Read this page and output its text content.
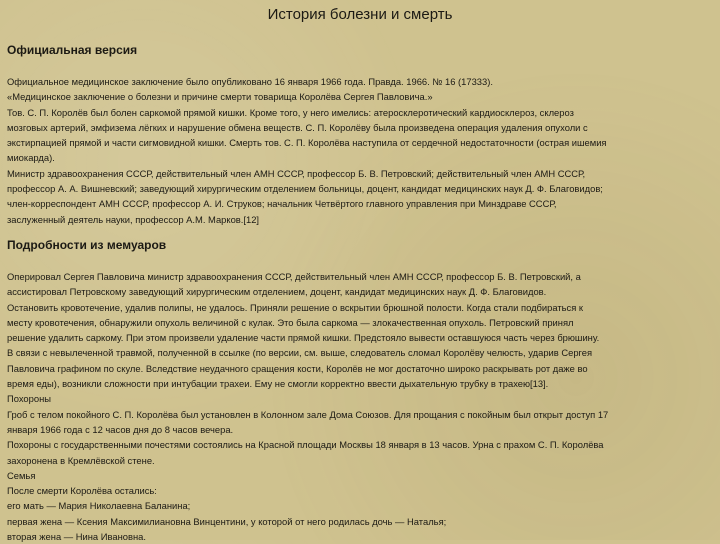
История болезни и смерть
Официальная версия
Официальное медицинское заключение было опубликовано 16 января 1966 года. Правда. 1966. № 16 (17333).
«Медицинское заключение о болезни и причине смерти товарища Королёва Сергея Павловича.»
Тов. С. П. Королёв был болен саркомой прямой кишки. Кроме того, у него имелись: атеросклеротический кардиосклероз, склероз
мозговых артерий, эмфизема лёгких и нарушение обмена веществ. С. П. Королёву была произведена операция удаления опухоли с
экстирпацией прямой и части сигмовидной кишки. Смерть тов. С. П. Королёва наступила от сердечной недостаточности (острая ишемия
миокарда).
Министр здравоохранения СССР, действительный член АМН СССР, профессор Б. В. Петровский; действительный член АМН СССР,
профессор А. А. Вишневский; заведующий хирургическим отделением больницы, доцент, кандидат медицинских наук Д. Ф. Благовидов;
член-корреспондент АМН СССР, профессор А. И. Струков; начальник Четвёртого главного управления при Минздраве СССР,
заслуженный деятель науки, профессор А.М. Марков.[12]
Подробности из мемуаров
Оперировал Сергея Павловича министр здравоохранения СССР, действительный член АМН СССР, профессор Б. В. Петровский, а
ассистировал Петровскому заведующий хирургическим отделением, доцент, кандидат медицинских наук Д. Ф. Благовидов.
Остановить кровотечение, удалив полипы, не удалось. Приняли решение о вскрытии брюшной полости. Когда стали подбираться к
месту кровотечения, обнаружили опухоль величиной с кулак. Это была саркома — злокачественная опухоль. Петровский принял
решение удалить саркому. При этом произвели удаление части прямой кишки. Предстояло вывести оставшуюся часть через брюшину.
В связи с невылеченной травмой, полученной в ссылке (по версии, см. выше, следователь сломал Королёву челюсть, ударив Сергея
Павловича графином по скуле. Вследствие неудачного сращения кости, Королёв не мог достаточно широко раскрывать рот даже во
время еды), возникли сложности при интубации трахеи. Ему не смогли корректно ввести дыхательную трубку в трахею[13].
Похороны
Гроб с телом покойного С. П. Королёва был установлен в Колонном зале Дома Союзов. Для прощания с покойным был открыт доступ 17
января 1966 года с 12 часов дня до 8 часов вечера.
Похороны с государственными почестями состоялись на Красной площади Москвы 18 января в 13 часов. Урна с прахом С. П. Королёва
захоронена в Кремлёвской стене.
Семья
После смерти Королёва остались:
его мать — Мария Николаевна Баланина;
первая жена — Ксения Максимилиановна Винцентини, у которой от него родилась дочь — Наталья;
вторая жена — Нина Ивановна.
